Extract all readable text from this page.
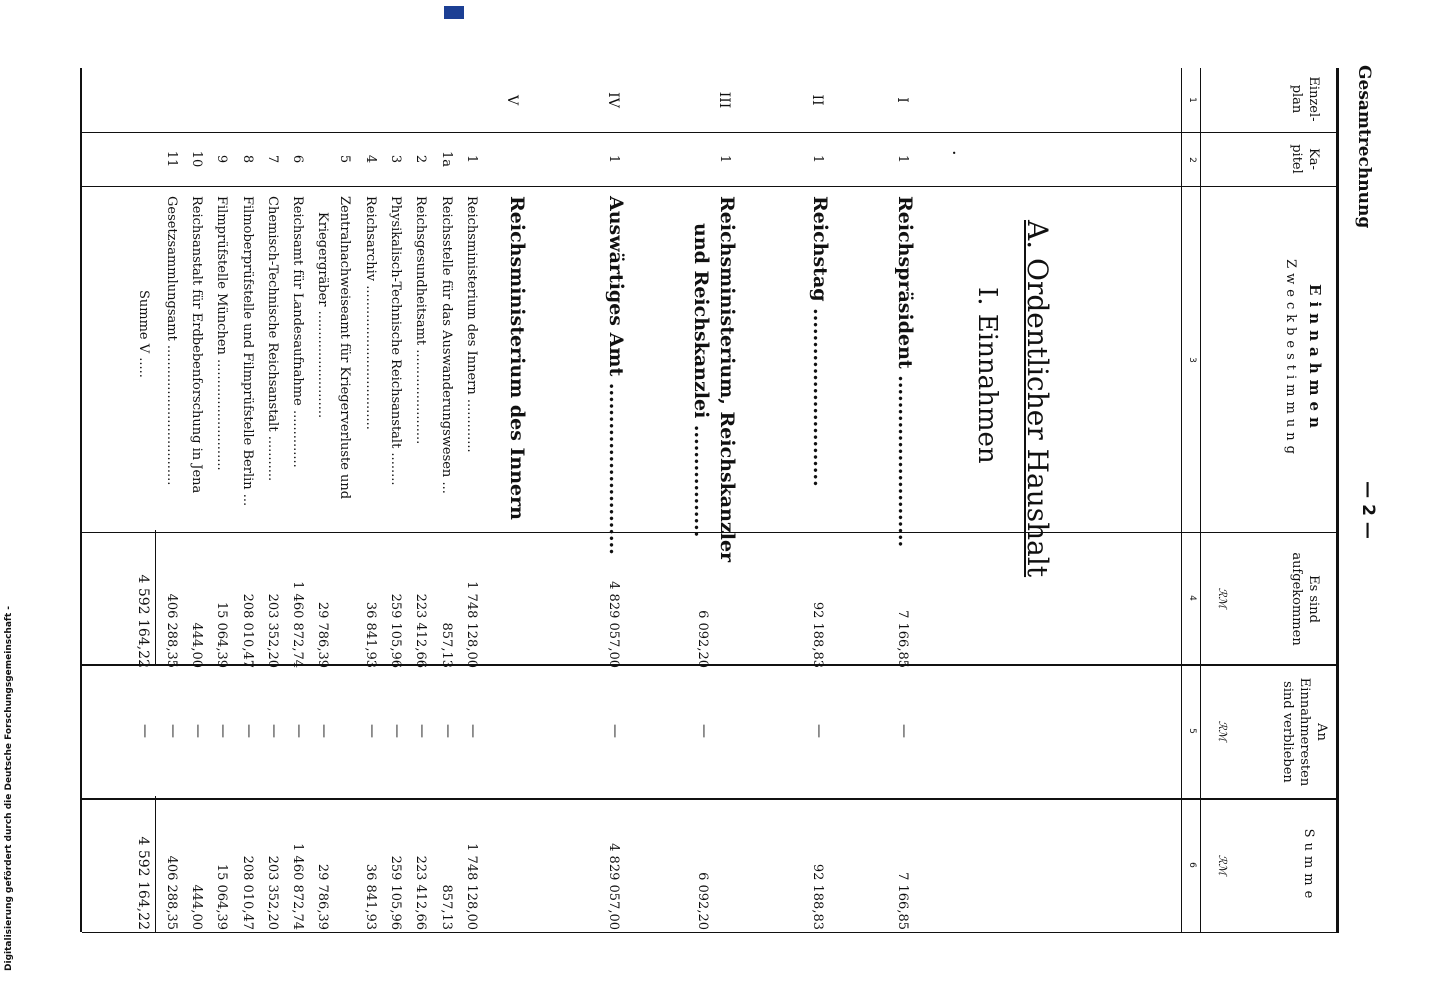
Gesamtrechnung
— 2 —
Einzel- plan
Ka- pitel
Einnahmen
Zweckbestimmung
Es sind aufgekommen
An Einnahmeresten sind verblieben
Summe
ℛℳ
ℛℳ
ℛℳ
1
2
3
4
5
6
A. Ordentlicher Haushalt
I. Einnahmen
·
I
1
Reichspräsident ..........................
7 166,85
—
7 166,85
II
1
Reichstag ...........................
92 188,83
—
92 188,83
III
1
Reichsministerium, Reichskanzler
und Reichskanzlei .................
6 092,20
—
6 092,20
IV
1
Auswärtiges Amt ..........................
4 829 057,00
—
4 829 057,00
V
Reichsministerium des Innern
1
Reichsministerium des Innern .............
1 748 128,00
—
1 748 128,00
1a
Reichsstelle für das Auswanderungswesen ...
857,13
—
857,13
2
Reichsgesundheitsamt .......................
223 412,66
—
223 412,66
3
Physikalisch-Technische Reichsanstalt ........
259 105,96
—
259 105,96
4
Reichsarchiv ...................................
36 841,93
—
36 841,93
5
Zentralnachweiseamt für Kriegerverluste und
Kriegergräber ..........................
29 786,39
—
29 786,39
6
Reichsamt für Landesaufnahme ..............
1 460 872,74
—
1 460 872,74
7
Chemisch-Technische Reichsanstalt ...........
203 352,20
—
203 352,20
8
Filmoberprüfstelle und Filmprüfstelle Berlin ...
208 010,47
—
208 010,47
9
Filmprüfstelle München ...........................
15 064,39
—
15 064,39
10
Reichsanstalt für Erdbebenforschung in Jena
444,00
—
444,00
11
Gesetzsammlungsamt ..................................
406 288,35
—
406 288,35
Summe V .....
4 592 164,22
—
4 592 164,22
Digitalisierung gefördert durch die Deutsche Forschungsgemeinschaft -
